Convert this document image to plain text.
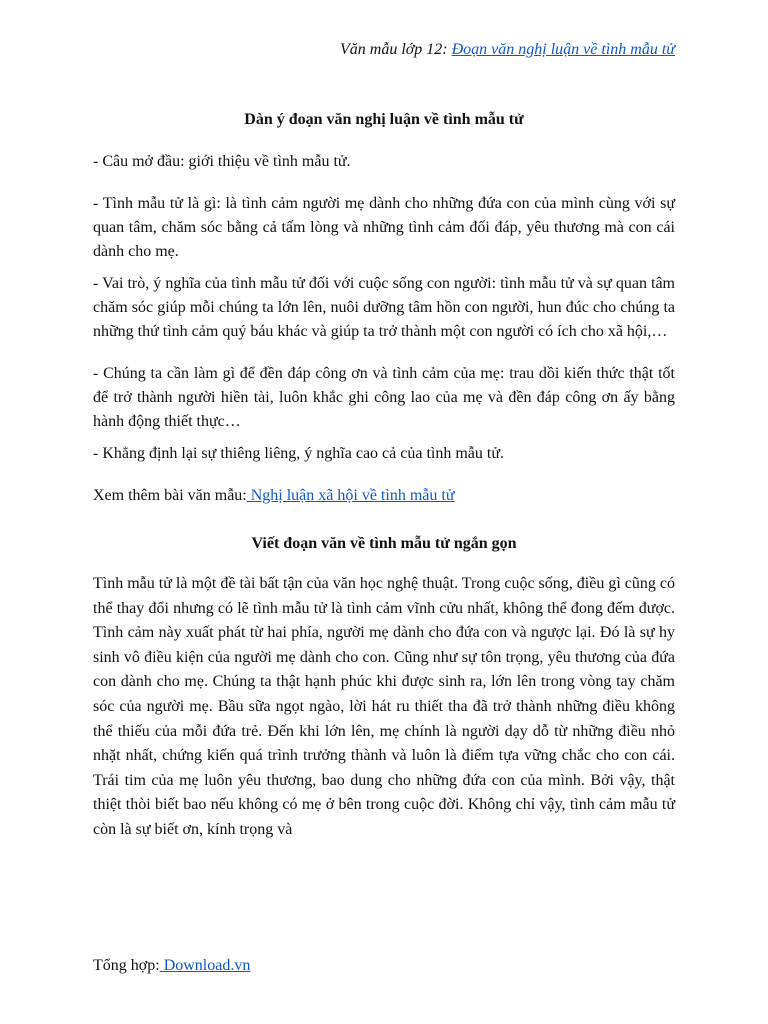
Văn mẫu lớp 12: Đoạn văn nghị luận về tình mẫu tử
Dàn ý đoạn văn nghị luận về tình mẫu tử
- Câu mở đầu: giới thiệu về tình mẫu tử.
- Tình mẫu tử là gì: là tình cảm người mẹ dành cho những đứa con của mình cùng với sự quan tâm, chăm sóc bằng cả tấm lòng và những tình cảm đối đáp, yêu thương mà con cái dành cho mẹ.
- Vai trò, ý nghĩa của tình mẫu tử đối với cuộc sống con người: tình mẫu tử và sự quan tâm chăm sóc giúp mỗi chúng ta lớn lên, nuôi dưỡng tâm hồn con người, hun đúc cho chúng ta những thứ tình cảm quý báu khác và giúp ta trở thành một con người có ích cho xã hội,…
- Chúng ta cần làm gì để đền đáp công ơn và tình cảm của mẹ: trau dồi kiến thức thật tốt để trở thành người hiền tài, luôn khắc ghi công lao của mẹ và đền đáp công ơn ấy bằng hành động thiết thực…
- Khẳng định lại sự thiêng liêng, ý nghĩa cao cả của tình mẫu tử.
Xem thêm bài văn mẫu: Nghị luận xã hội về tình mẫu tử
Viết đoạn văn về tình mẫu tử ngắn gọn
Tình mẫu tử là một đề tài bất tận của văn học nghệ thuật. Trong cuộc sống, điều gì cũng có thể thay đổi nhưng có lẽ tình mẫu tử là tình cảm vĩnh cửu nhất, không thể đong đếm được. Tình cảm này xuất phát từ hai phía, người mẹ dành cho đứa con và ngược lại. Đó là sự hy sinh vô điều kiện của người mẹ dành cho con. Cũng như sự tôn trọng, yêu thương của đứa con dành cho mẹ. Chúng ta thật hạnh phúc khi được sinh ra, lớn lên trong vòng tay chăm sóc của người mẹ. Bầu sữa ngọt ngào, lời hát ru thiết tha đã trở thành những điều không thể thiếu của mỗi đứa trẻ. Đến khi lớn lên, mẹ chính là người dạy dỗ từ những điều nhỏ nhặt nhất, chứng kiến quá trình trưởng thành và luôn là điểm tựa vững chắc cho con cái. Trái tim của mẹ luôn yêu thương, bao dung cho những đứa con của mình. Bởi vậy, thật thiệt thòi biết bao nếu không có mẹ ở bên trong cuộc đời. Không chỉ vậy, tình cảm mẫu tử còn là sự biết ơn, kính trọng và
Tổng hợp: Download.vn
